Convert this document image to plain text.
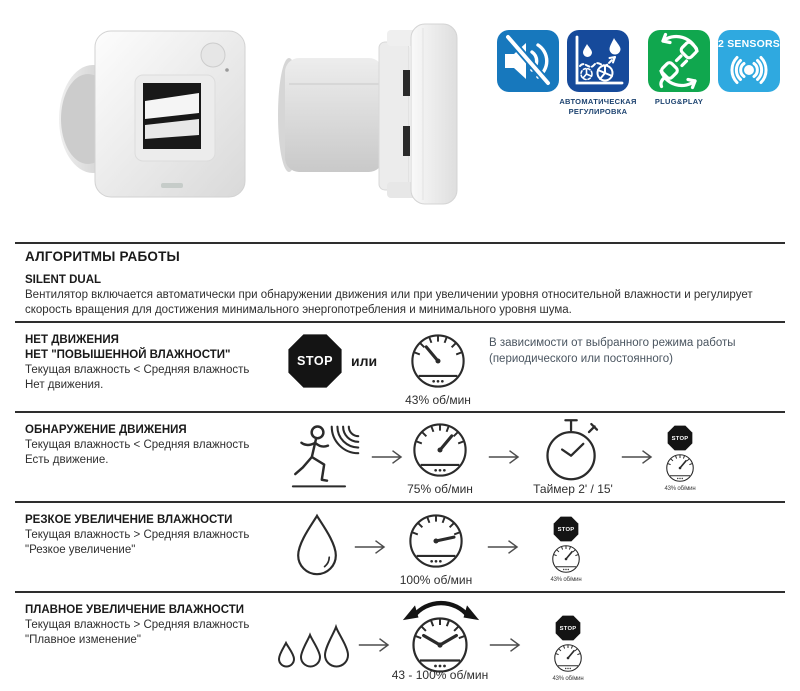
2 SENSORS
АВТОМАТИЧЕСКАЯ
РЕГУЛИРОВКА
PLUG&PLAY
АЛГОРИТМЫ РАБОТЫ
SILENT DUAL
Вентилятор включается автоматически при обнаружении движения или при увеличении уровня относительной влажности и регулирует скорость вращения для достижения минимального энергопотребления и минимального уровня шума.
НЕТ ДВИЖЕНИЯ
НЕТ "ПОВЫШЕННОЙ ВЛАЖНОСТИ"
Текущая влажность < Средняя влажность
Нет движения.
STOP или
43% об/мин
В зависимости от выбранного режима работы
(периодического или постоянного)
ОБНАРУЖЕНИЕ ДВИЖЕНИЯ
Текущая влажность < Средняя влажность
Есть движение.
75% об/мин	Таймер 2' / 15'
STOP
43% об/мин
РЕЗКОЕ УВЕЛИЧЕНИЕ ВЛАЖНОСТИ
Текущая влажность > Средняя влажность
"Резкое увеличение"
100% об/мин
STOP
43% об/мин
ПЛАВНОЕ УВЕЛИЧЕНИЕ ВЛАЖНОСТИ
Текущая влажность > Средняя влажность
"Плавное изменение"
43 - 100% об/мин
STOP
43% об/мин
